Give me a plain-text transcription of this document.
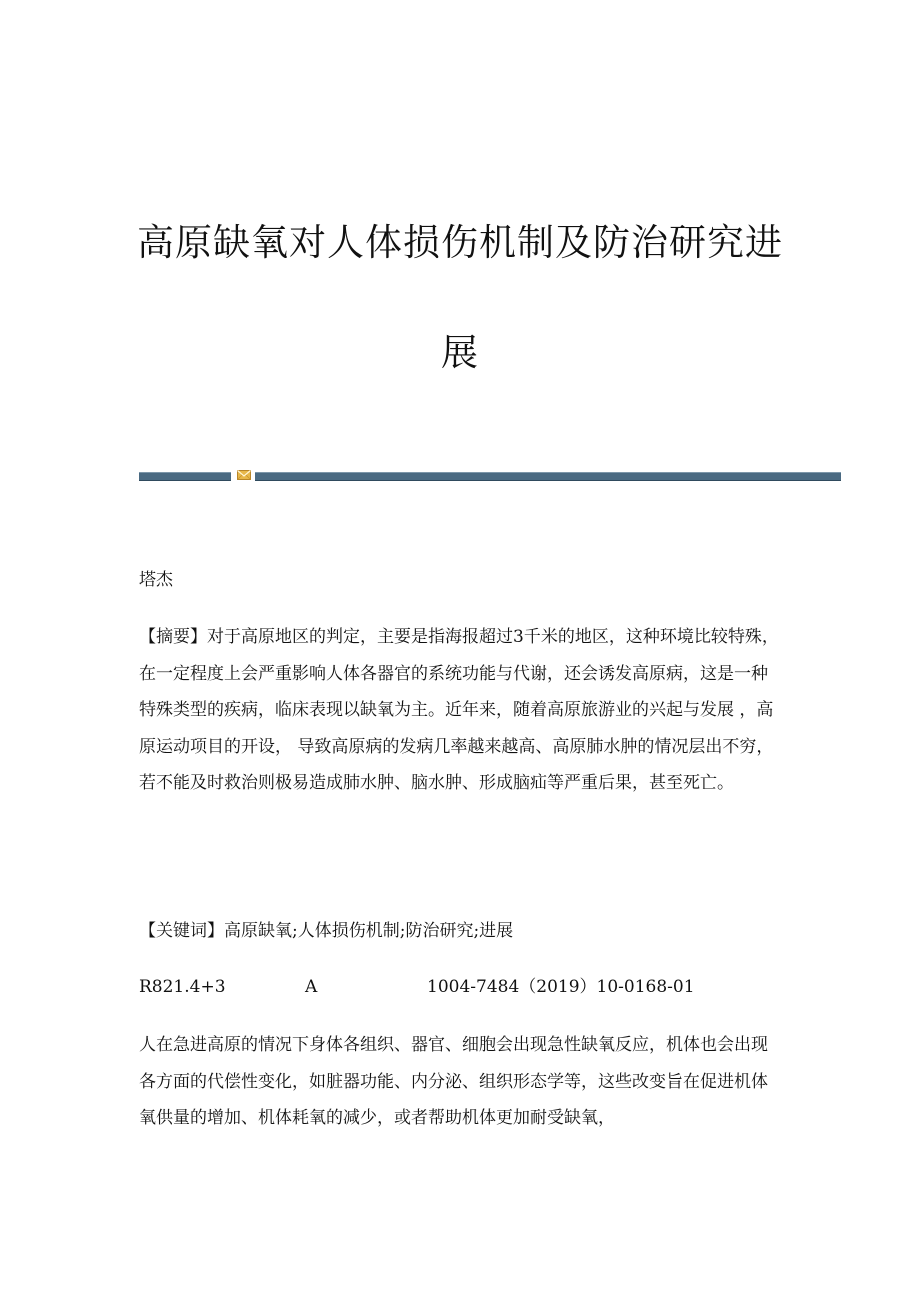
高原缺氧对人体损伤机制及防治研究进展

塔杰

【摘要】对于高原地区的判定，主要是指海报超过3千米的地区，这种环境比较特殊，在一定程度上会严重影响人体各器官的系统功能与代谢，还会诱发高原病，这是一种特殊类型的疾病，临床表现以缺氧为主。近年来，随着高原旅游业的兴起与发展 ，高原运动项目的开设， 导致高原病的发病几率越来越高、高原肺水肿的情况层出不穷，若不能及时救治则极易造成肺水肿、脑水肿、形成脑疝等严重后果，甚至死亡。

【关键词】高原缺氧;人体损伤机制;防治研究;进展

R821.4+3	A	1004-7484（2019）10-0168-01

人在急进高原的情况下身体各组织、器官、细胞会出现急性缺氧反应，机体也会出现各方面的代偿性变化，如脏器功能、内分泌、组织形态学等，这些改变旨在促进机体氧供量的增加、机体耗氧的减少，或者帮助机体更加耐受缺氧，
